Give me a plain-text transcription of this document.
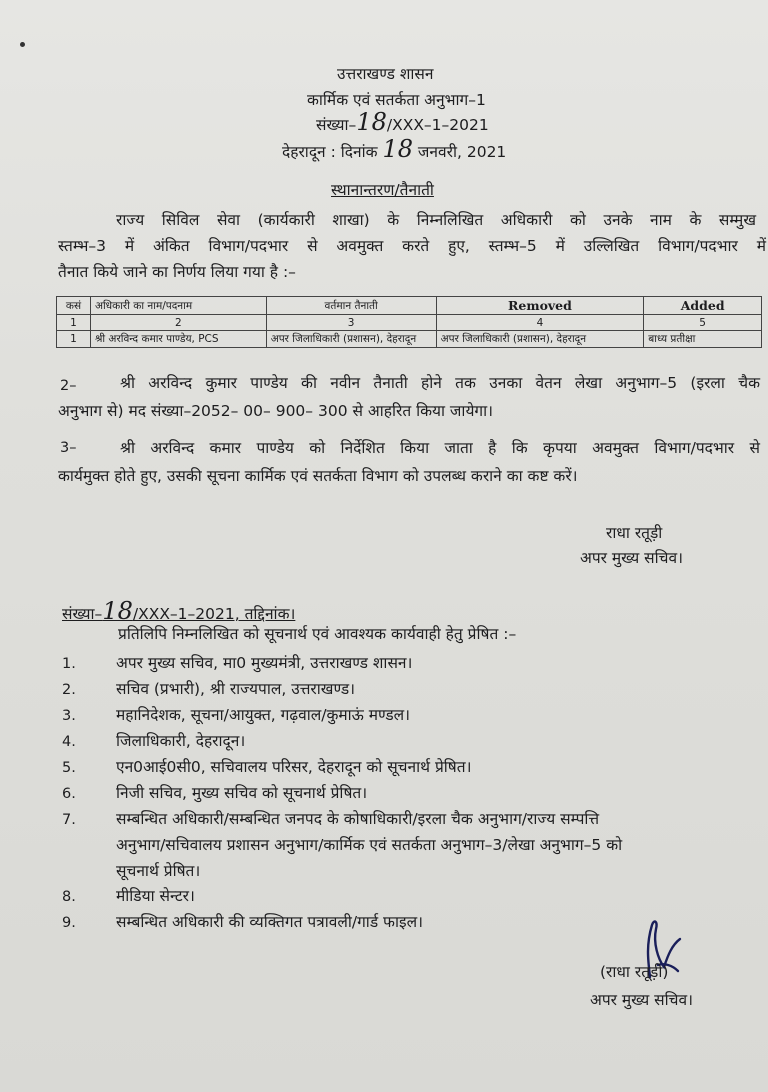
उत्तराखण्ड शासन
कार्मिक एवं सतर्कता अनुभाग–1
संख्या–18/XXX–1–2021
देहरादून : दिनांक 18 जनवरी, 2021
स्थानान्तरण/तैनाती
राज्य सिविल सेवा (कार्यकारी शाखा) के निम्नलिखित अधिकारी को उनके नाम के सम्मुख
स्तम्भ–3 में अंकित विभाग/पदभार से अवमुक्त करते हुए, स्तम्भ–5 में उल्लिखित विभाग/पदभार में
तैनात किये जाने का निर्णय लिया गया है :–
कसं	अधिकारी का नाम/पदनाम	वर्तमान तैनाती	Removed	Added
1	2	3	4	5
1	श्री अरविन्द कमार पाण्डेय, PCS	अपर जिलाधिकारी (प्रशासन), देहरादून	अपर जिलाधिकारी (प्रशासन), देहरादून	बाध्य प्रतीक्षा
2–	श्री अरविन्द कुमार पाण्डेय की नवीन तैनाती होने तक उनका वेतन लेखा अनुभाग–5 (इरला चैक
अनुभाग से) मद संख्या–2052– 00– 900– 300 से आहरित किया जायेगा।
3–	श्री अरविन्द कमार पाण्डेय को निर्देशित किया जाता है कि कृपया अवमुक्त विभाग/पदभार से
कार्यमुक्त होते हुए, उसकी सूचना कार्मिक एवं सतर्कता विभाग को उपलब्ध कराने का कष्ट करें।
राधा रतूड़ी
अपर मुख्य सचिव।
संख्या–18/XXX–1–2021, तद्दिनांक।
प्रतिलिपि निम्नलिखित को सूचनार्थ एवं आवश्यक कार्यवाही हेतु प्रेषित :–
1.	अपर मुख्य सचिव, मा0 मुख्यमंत्री, उत्तराखण्ड शासन।
2.	सचिव (प्रभारी), श्री राज्यपाल, उत्तराखण्ड।
3.	महानिदेशक, सूचना/आयुक्त, गढ़वाल/कुमाऊं मण्डल।
4.	जिलाधिकारी, देहरादून।
5.	एन0आई0सी0, सचिवालय परिसर, देहरादून को सूचनार्थ प्रेषित।
6.	निजी सचिव, मुख्य सचिव को सूचनार्थ प्रेषित।
7.	सम्बन्धित अधिकारी/सम्बन्धित जनपद के कोषाधिकारी/इरला चैक अनुभाग/राज्य सम्पत्ति
अनुभाग/सचिवालय प्रशासन अनुभाग/कार्मिक एवं सतर्कता अनुभाग–3/लेखा अनुभाग–5 को
सूचनार्थ प्रेषित।
8.	मीडिया सेन्टर।
9.	सम्बन्धित अधिकारी की व्यक्तिगत पत्रावली/गार्ड फाइल।
(राधा रतूड़ी)
अपर मुख्य सचिव।
